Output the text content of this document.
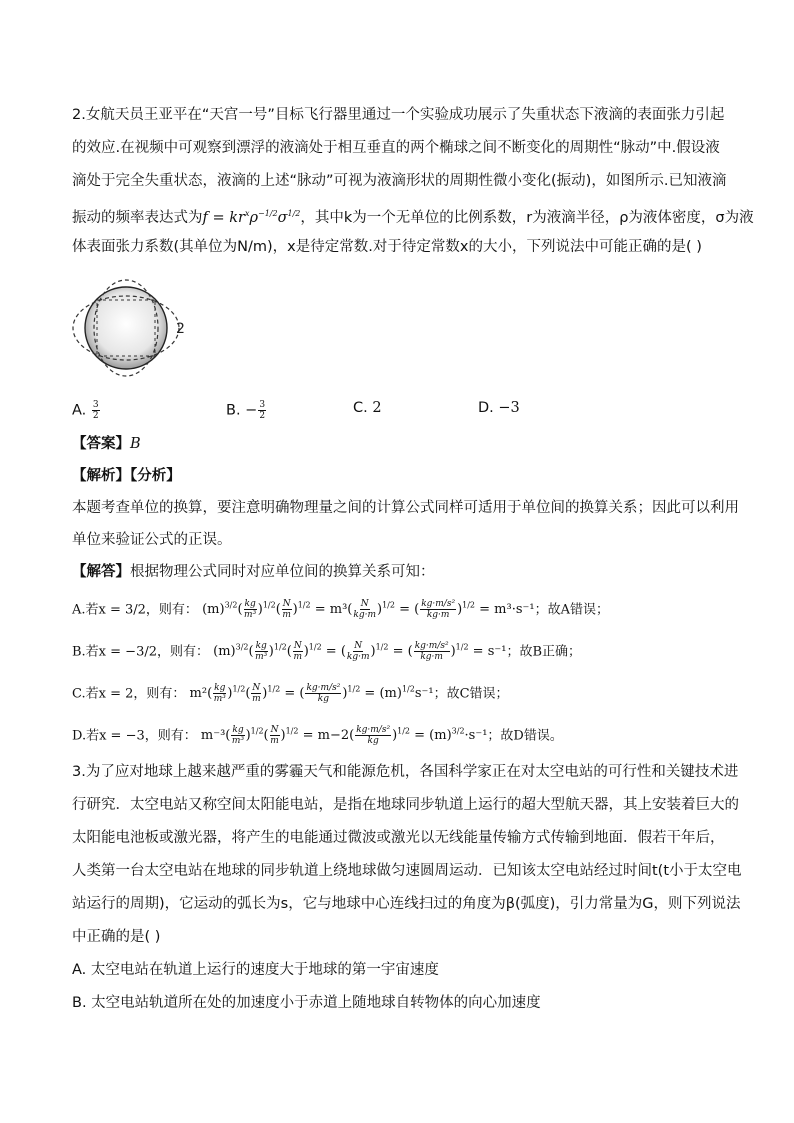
2.女航天员王亚平在“天宫一号”目标飞行器里通过一个实验成功展示了失重状态下液滴的表面张力引起
的效应.在视频中可观察到漂浮的液滴处于相互垂直的两个椭球之间不断变化的周期性“脉动”中.假设液
滴处于完全失重状态，液滴的上述“脉动”可视为液滴形状的周期性微小变化(振动)，如图所示.已知液滴
振动的频率表达式为$f = kr^x\rho^{-1/2}\sigma^{1/2}$，其中k为一个无单位的比例系数，r为液滴半径，ρ为液体密度，σ为液
体表面张力系数(其单位为N/m)，x是待定常数.对于待定常数x的大小，下列说法中可能正确的是( )
2
A. $\frac{3}{2}$	B. − $\frac{3}{2}$	C. 2	D. −3
【答案】B
【解析】【分析】
本题考查单位的换算，要注意明确物理量之间的计算公式同样可适用于单位间的换算关系；因此可以利用
单位来验证公式的正误。
【解答】根据物理公式同时对应单位间的换算关系可知：
A.若x = 3/2，则有： $(m)^{3/2}( \frac{kg}{\text{m³}} )^{1/2}( \frac{N}{m} )^{1/2} = m^3( \frac{N}{kg\cdot m} )^{1/2}$ = ( $\frac{\text{kg·m/s²}}{kg\cdot m} )^{1/2} = m^3\cdot s^{-1}$；故A错误；
B.若x = −3/2，则有： $(m)^{3/2}( \frac{kg}{\text{m³}} )^{1/2}( \frac{N}{m} )^{1/2}$ = ( $\frac{N}{kg\cdot m} )^{1/2}$ = ( $\frac{\text{kg·m/s²}}{kg\cdot m} )^{1/2} = s^{-1}$；故B正确；
C.若x = 2，则有： $m^2( \frac{kg}{\text{m³}} )^{1/2}( \frac{N}{m} )^{1/2}$ = ( $\frac{\text{kg·m/s²}}{kg} )^{1/2} = (m)^{1/2}s^{-1}$；故C错误；
D.若x = −3，则有： $m^{-3}( \frac{kg}{\text{m³}} )^{1/2}( \frac{N}{m} )^{1/2} = m-2( \frac{\text{kg·m/s²}}{kg} )^{1/2} = (m)^{3/2}\cdot s^{-1}$；故D错误。
3.为了应对地球上越来越严重的雾霾天气和能源危机，各国科学家正在对太空电站的可行性和关键技术进
行研究．太空电站又称空间太阳能电站，是指在地球同步轨道上运行的超大型航天器，其上安装着巨大的
太阳能电池板或激光器，将产生的电能通过微波或激光以无线能量传输方式传输到地面．假若干年后，
人类第一台太空电站在地球的同步轨道上绕地球做匀速圆周运动．已知该太空电站经过时间t(t小于太空电
站运行的周期)，它运动的弧长为s，它与地球中心连线扫过的角度为β(弧度)，引力常量为G，则下列说法
中正确的是( )
A. 太空电站在轨道上运行的速度大于地球的第一宇宙速度
B. 太空电站轨道所在处的加速度小于赤道上随地球自转物体的向心加速度
